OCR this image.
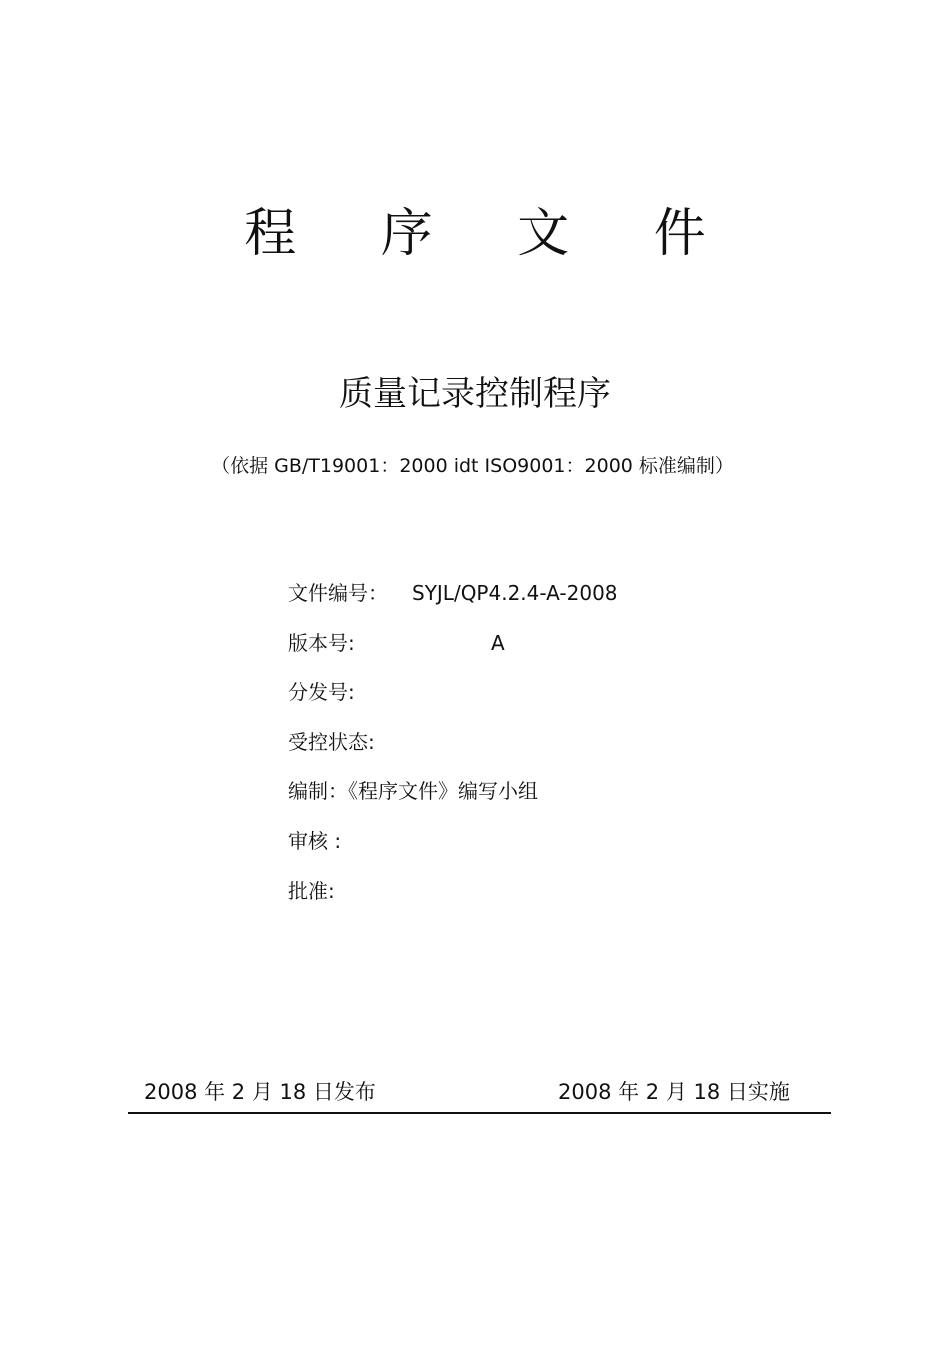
程 序 文 件
质量记录控制程序
（依据 GB/T19001：2000 idt ISO9001：2000 标准编制）
文件编号： SYJL/QP4.2.4-A-2008
版本号:	A
分发号:
受控状态:
编制：《程序文件》编写小组
审核 :
批准:
2008 年 2 月 18 日发布	2008 年 2 月 18 日实施
